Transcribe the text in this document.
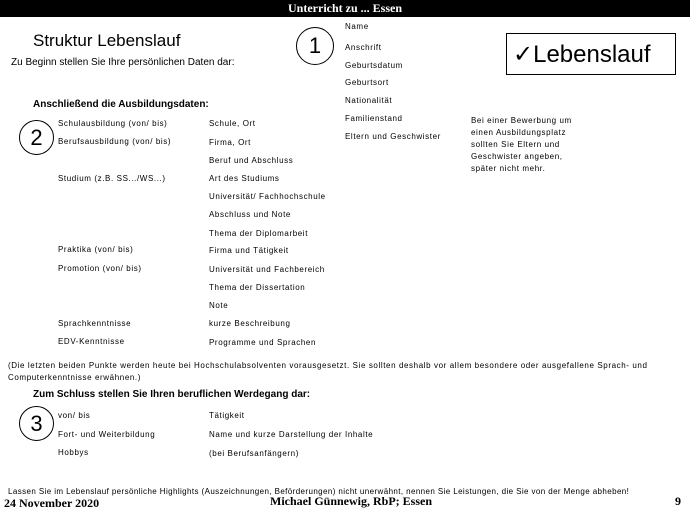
Unterricht zu ... Essen
Struktur Lebenslauf
Zu Beginn stellen Sie Ihre persönlichen Daten dar:
1
Name
Anschrift
Geburtsdatum
Geburtsort
Nationalität
Familienstand
Eltern und Geschwister
✓Lebenslauf
Bei einer Bewerbung um einen Ausbildungsplatz sollten Sie Eltern und Geschwister angeben, später nicht mehr.
Anschließend die Ausbildungsdaten:
2
Schulausbildung (von/ bis)	Schule, Ort
Berufsausbildung (von/ bis)	Firma, Ort
Beruf und Abschluss
Studium (z.B. SS.../WS...)	Art des Studiums
Universität/ Fachhochschule
Abschluss und Note
Thema der Diplomarbeit
Praktika (von/ bis)	Firma und Tätigkeit
Promotion (von/ bis)	Universität und Fachbereich
Thema der Dissertation
Note
Sprachkenntnisse	kurze Beschreibung
EDV-Kenntnisse	Programme und Sprachen
(Die letzten beiden Punkte werden heute bei Hochschulabsolventen vorausgesetzt. Sie sollten deshalb vor allem besondere oder ausgefallene Sprach- und Computerkenntnisse erwähnen.)
Zum Schluss stellen Sie Ihren beruflichen Werdegang dar:
3	von/ bis	Tätigkeit
Fort- und Weiterbildung	Name und kurze Darstellung der Inhalte
Hobbys	(bei Berufsanfängern)
Lassen Sie im Lebenslauf persönliche Highlights (Auszeichnungen, Beförderungen) nicht unerwähnt, nennen Sie Leistungen, die Sie von der Menge abheben!
24 November 2020	Michael Günnewig, RbP; Essen	9
